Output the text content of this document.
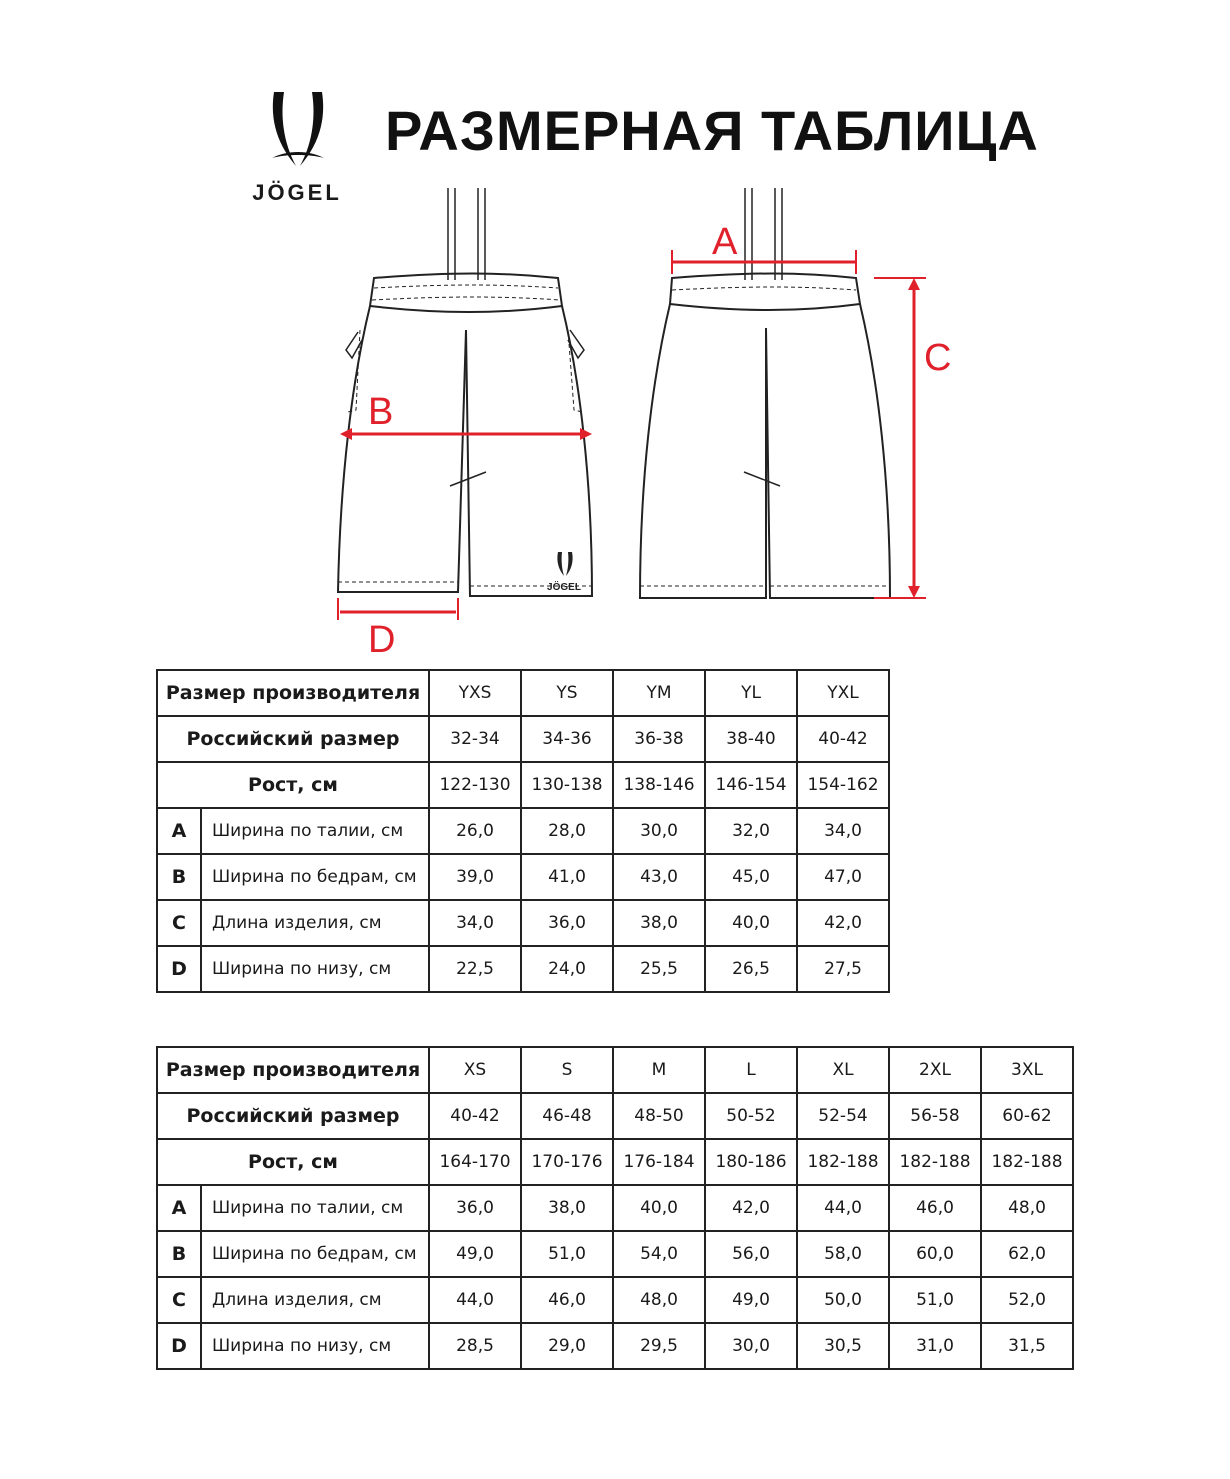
JÖGEL
РАЗМЕРНАЯ ТАБЛИЦА
JÖGEL
A
B
C
D
Размер производителя		YXS	YS	YM	YL	YXL
Российский размер		32-34	34-36	36-38	38-40	40-42
Рост, см		122-130	130-138	138-146	146-154	154-162
A	Ширина по талии, см	26,0	28,0	30,0	32,0	34,0
B	Ширина по бедрам, см	39,0	41,0	43,0	45,0	47,0
C	Длина изделия, см	34,0	36,0	38,0	40,0	42,0
D	Ширина по низу, см	22,5	24,0	25,5	26,5	27,5
Размер производителя		XS	S	M	L	XL	2XL	3XL
Российский размер		40-42	46-48	48-50	50-52	52-54	56-58	60-62
Рост, см		164-170	170-176	176-184	180-186	182-188	182-188	182-188
A	Ширина по талии, см	36,0	38,0	40,0	42,0	44,0	46,0	48,0
B	Ширина по бедрам, см	49,0	51,0	54,0	56,0	58,0	60,0	62,0
C	Длина изделия, см	44,0	46,0	48,0	49,0	50,0	51,0	52,0
D	Ширина по низу, см	28,5	29,0	29,5	30,0	30,5	31,0	31,5
